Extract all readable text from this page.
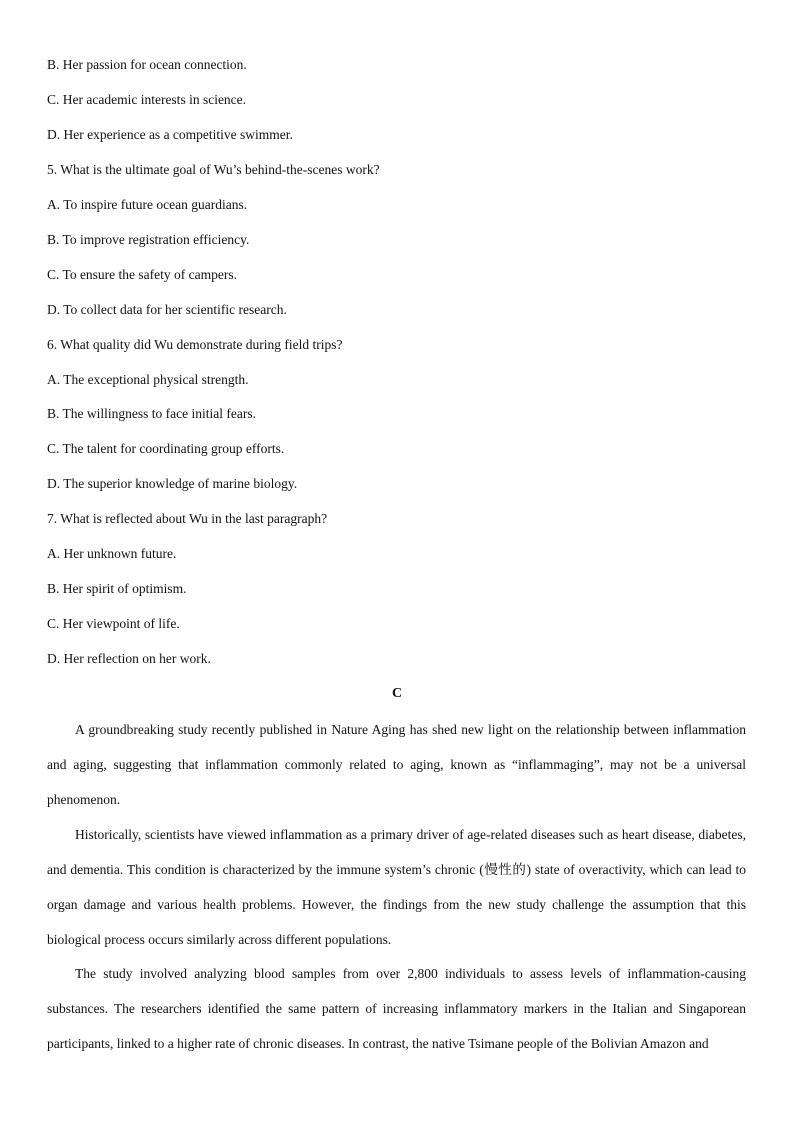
B. Her passion for ocean connection.
C. Her academic interests in science.
D. Her experience as a competitive swimmer.
5. What is the ultimate goal of Wu’s behind-the-scenes work?
A. To inspire future ocean guardians.
B. To improve registration efficiency.
C. To ensure the safety of campers.
D. To collect data for her scientific research.
6. What quality did Wu demonstrate during field trips?
A. The exceptional physical strength.
B. The willingness to face initial fears.
C. The talent for coordinating group efforts.
D. The superior knowledge of marine biology.
7. What is reflected about Wu in the last paragraph?
A. Her unknown future.
B. Her spirit of optimism.
C. Her viewpoint of life.
D. Her reflection on her work.
C
A groundbreaking study recently published in Nature Aging has shed new light on the relationship between inflammation and aging, suggesting that inflammation commonly related to aging, known as “inflammaging”, may not be a universal phenomenon.
Historically, scientists have viewed inflammation as a primary driver of age-related diseases such as heart disease, diabetes, and dementia. This condition is characterized by the immune system’s chronic (慢性的) state of overactivity, which can lead to organ damage and various health problems. However, the findings from the new study challenge the assumption that this biological process occurs similarly across different populations.
The study involved analyzing blood samples from over 2,800 individuals to assess levels of inflammation-causing substances. The researchers identified the same pattern of increasing inflammatory markers in the Italian and Singaporean participants, linked to a higher rate of chronic diseases. In contrast, the native Tsimane people of the Bolivian Amazon and
